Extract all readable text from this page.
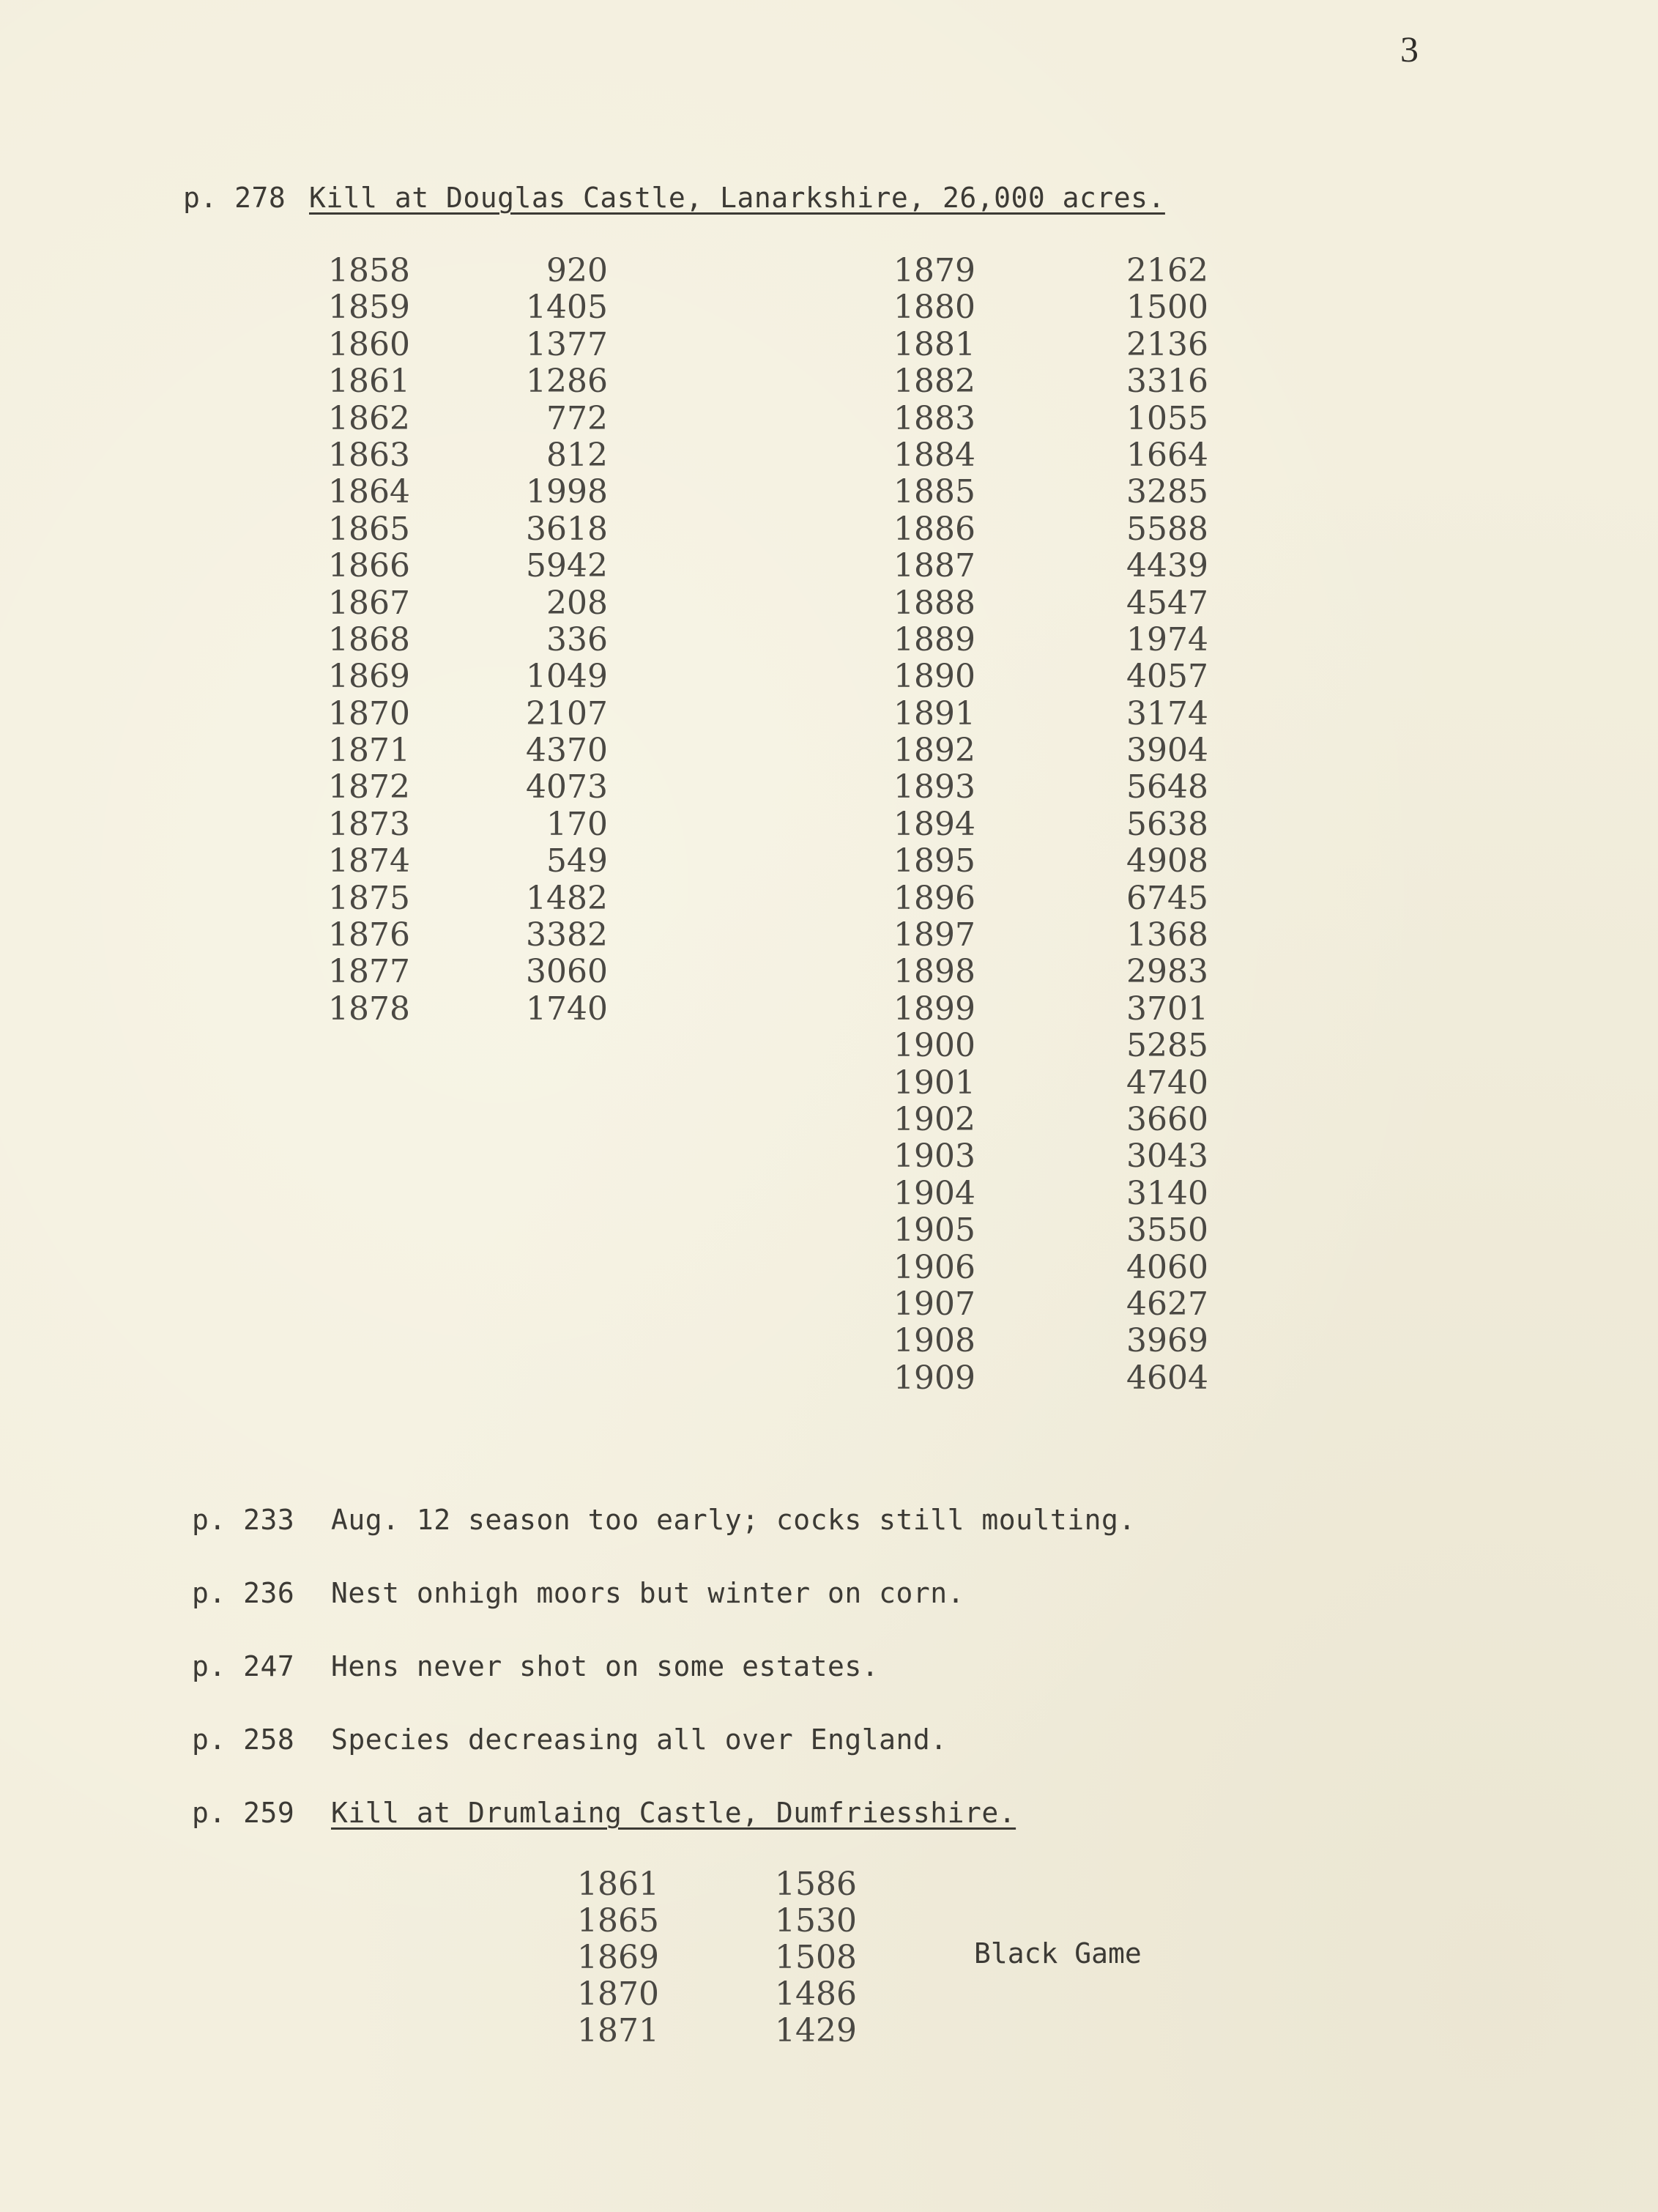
3
p. 278 Kill at Douglas Castle, Lanarkshire, 26,000 acres.
1858
1859
1860
1861
1862
1863
1864
1865
1866
1867
1868
1869
1870
1871
1872
1873
1874
1875
1876
1877
1878
920
1405
1377
1286
772
812
1998
3618
5942
208
336
1049
2107
4370
4073
170
549
1482
3382
3060
1740
1879
1880
1881
1882
1883
1884
1885
1886
1887
1888
1889
1890
1891
1892
1893
1894
1895
1896
1897
1898
1899
1900
1901
1902
1903
1904
1905
1906
1907
1908
1909
2162
1500
2136
3316
1055
1664
3285
5588
4439
4547
1974
4057
3174
3904
5648
5638
4908
6745
1368
2983
3701
5285
4740
3660
3043
3140
3550
4060
4627
3969
4604
p. 233 Aug. 12 season too early; cocks still moulting.
p. 236 Nest onhigh moors but winter on corn.
p. 247 Hens never shot on some estates.
p. 258 Species decreasing all over England.
p. 259 Kill at Drumlaing Castle, Dumfriesshire.
1861
1865
1869
1870
1871
1586
1530
1508
1486
1429
Black Game
